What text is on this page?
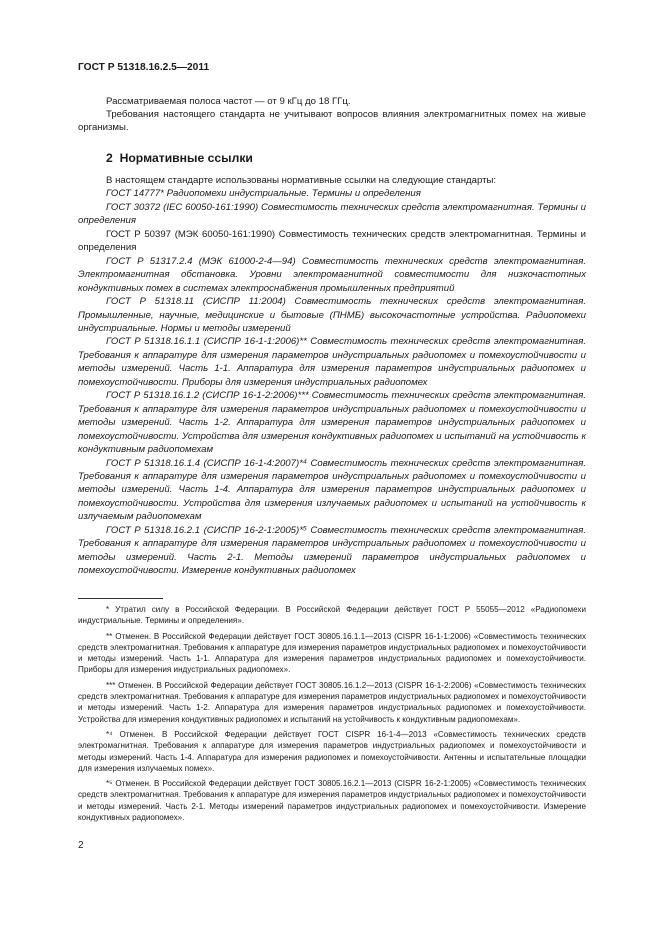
ГОСТ Р 51318.16.2.5—2011

Рассматриваемая полоса частот — от 9 кГц до 18 ГГц.

Требования настоящего стандарта не учитывают вопросов влияния электромагнитных помех на живые организмы.

2 Нормативные ссылки

В настоящем стандарте использованы нормативные ссылки на следующие стандарты:

ГОСТ 14777* Радиопомехи индустриальные. Термины и определения

ГОСТ 30372 (IEC 60050-161:1990) Совместимость технических средств электромагнитная. Термины и определения

ГОСТ Р 50397 (МЭК 60050-161:1990) Совместимость технических средств электромагнитная. Термины и определения

ГОСТ Р 51317.2.4 (МЭК 61000-2-4—94) Совместимость технических средств электромагнитная. Электромагнитная обстановка. Уровни электромагнитной совместимости для низкочастотных кондуктивных помех в системах электроснабжения промышленных предприятий

ГОСТ Р 51318.11 (СИСПР 11:2004) Совместимость технических средств электромагнитная. Промышленные, научные, медицинские и бытовые (ПНМБ) высокочастотные устройства. Радиопомехи индустриальные. Нормы и методы измерений

ГОСТ Р 51318.16.1.1 (СИСПР 16-1-1:2006)** Совместимость технических средств электромагнитная. Требования к аппаратуре для измерения параметров индустриальных радиопомех и помехоустойчивости и методы измерений. Часть 1-1. Аппаратура для измерения параметров индустриальных радиопомех и помехоустойчивости. Приборы для измерения индустриальных радиопомех

ГОСТ Р 51318.16.1.2 (СИСПР 16-1-2:2006)*** Совместимость технических средств электромагнитная. Требования к аппаратуре для измерения параметров индустриальных радиопомех и помехоустойчивости и методы измерений. Часть 1-2. Аппаратура для измерения параметров индустриальных радиопомех и помехоустойчивости. Устройства для измерения кондуктивных радиопомех и испытаний на устойчивость к кондуктивным радиопомехам

ГОСТ Р 51318.16.1.4 (СИСПР 16-1-4:2007)*⁴ Совместимость технических средств электромагнитная. Требования к аппаратуре для измерения параметров индустриальных радиопомех и помехоустойчивости и методы измерений. Часть 1-4. Аппаратура для измерения параметров индустриальных радиопомех и помехоустойчивости. Устройства для измерения излучаемых радиопомех и испытаний на устойчивость к излучаемым радиопомехам

ГОСТ Р 51318.16.2.1 (СИСПР 16-2-1:2005)*⁵ Совместимость технических средств электромагнитная. Требования к аппаратуре для измерения параметров индустриальных радиопомех и помехоустойчивости и методы измерений. Часть 2-1. Методы измерений параметров индустриальных радиопомех и помехоустойчивости. Измерение кондуктивных радиопомех

* Утратил силу в Российской Федерации. В Российской Федерации действует ГОСТ Р 55055—2012 «Радиопомехи индустриальные. Термины и определения».

** Отменен. В Российской Федерации действует ГОСТ 30805.16.1.1—2013 (CISPR 16-1-1:2006) «Совместимость технических средств электромагнитная. Требования к аппаратуре для измерения параметров индустриальных радиопомех и помехоустойчивости и методы измерений. Часть 1-1. Аппаратура для измерения параметров индустриальных радиопомех и помехоустойчивости. Приборы для измерения индустриальных радиопомех».

*** Отменен. В Российской Федерации действует ГОСТ 30805.16.1.2—2013 (CISPR 16-1-2:2006) «Совместимость технических средств электромагнитная. Требования к аппаратуре для измерения параметров индустриальных радиопомех и помехоустойчивости и методы измерений. Часть 1-2. Аппаратура для измерения параметров индустриальных радиопомех и помехоустойчивости. Устройства для измерения кондуктивных радиопомех и испытаний на устойчивость к кондуктивным радиопомехам».

*⁴ Отменен. В Российской Федерации действует ГОСТ CISPR 16-1-4—2013 «Совместимость технических средств электромагнитная. Требования к аппаратуре для измерения параметров индустриальных радиопомех и помехоустойчивости и методы измерений. Часть 1-4. Аппаратура для измерения радиопомех и помехоустойчивости. Антенны и испытательные площадки для измерения излучаемых помех».

*⁵ Отменен. В Российской Федерации действует ГОСТ 30805.16.2.1—2013 (CISPR 16-2-1:2005) «Совместимость технических средств электромагнитная. Требования к аппаратуре для измерения параметров индустриальных радиопомех и помехоустойчивости и методы измерений. Часть 2-1. Методы измерений параметров индустриальных радиопомех и помехоустойчивости. Измерение кондуктивных радиопомех».

2
